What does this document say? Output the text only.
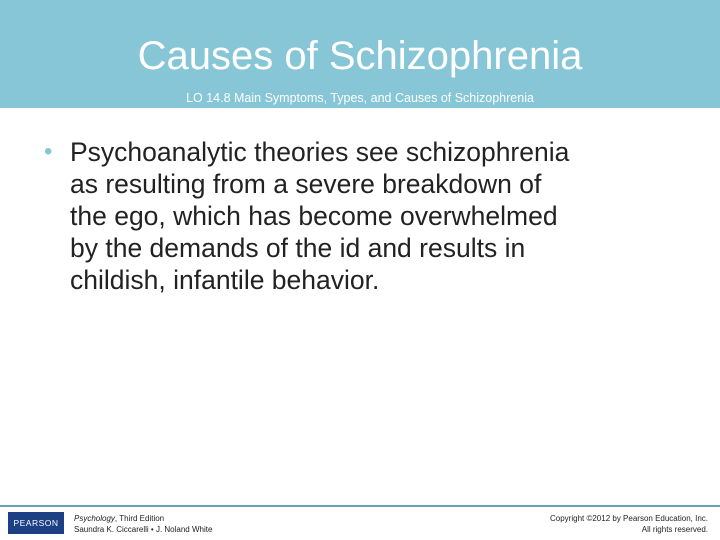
Causes of Schizophrenia
LO 14.8 Main Symptoms, Types, and Causes of Schizophrenia
• Psychoanalytic theories see schizophrenia
as resulting from a severe breakdown of
the ego, which has become overwhelmed
by the demands of the id and results in
childish, infantile behavior.
PEARSON	Psychology, Third Edition
Saundra K. Ciccarelli • J. Noland White
Copyright ©2012 by Pearson Education, Inc.
All rights reserved.
